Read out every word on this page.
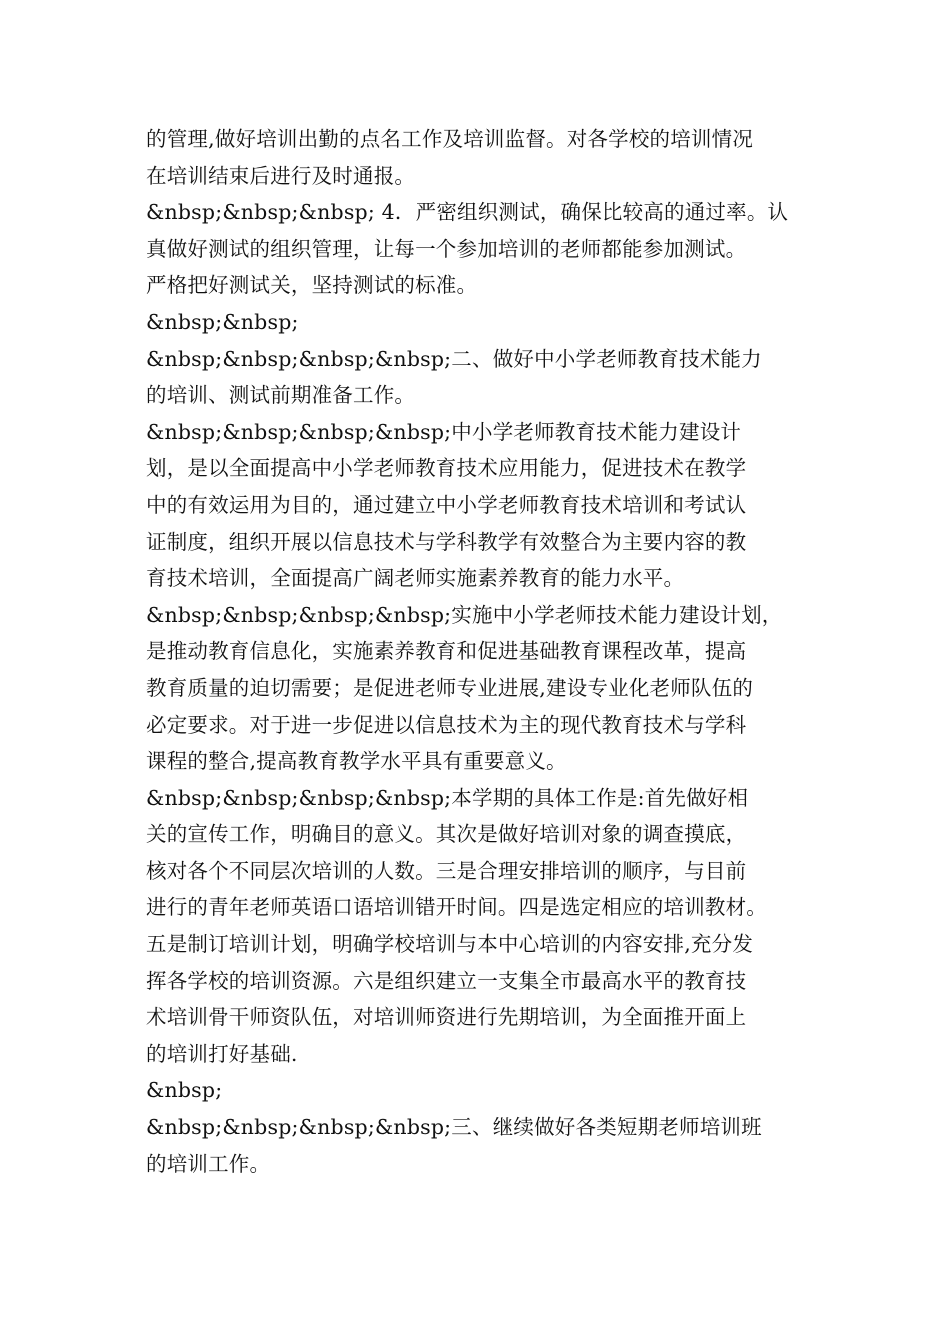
的管理,做好培训出勤的点名工作及培训监督。对各学校的培训情况
在培训结束后进行及时通报。
&nbsp;&nbsp;&nbsp; 4．严密组织测试，确保比较高的通过率。认
真做好测试的组织管理，让每一个参加培训的老师都能参加测试。
严格把好测试关，坚持测试的标准。
&nbsp;&nbsp;
&nbsp;&nbsp;&nbsp;&nbsp;二、做好中小学老师教育技术能力
的培训、测试前期准备工作。
&nbsp;&nbsp;&nbsp;&nbsp;中小学老师教育技术能力建设计
划，是以全面提高中小学老师教育技术应用能力，促进技术在教学
中的有效运用为目的，通过建立中小学老师教育技术培训和考试认
证制度，组织开展以信息技术与学科教学有效整合为主要内容的教
育技术培训，全面提高广阔老师实施素养教育的能力水平。
&nbsp;&nbsp;&nbsp;&nbsp;实施中小学老师技术能力建设计划，
是推动教育信息化，实施素养教育和促进基础教育课程改革，提高
教育质量的迫切需要；是促进老师专业进展,建设专业化老师队伍的
必定要求。对于进一步促进以信息技术为主的现代教育技术与学科
课程的整合,提高教育教学水平具有重要意义。
&nbsp;&nbsp;&nbsp;&nbsp;本学期的具体工作是:首先做好相
关的宣传工作，明确目的意义。其次是做好培训对象的调查摸底，
核对各个不同层次培训的人数。三是合理安排培训的顺序，与目前
进行的青年老师英语口语培训错开时间。四是选定相应的培训教材。
五是制订培训计划，明确学校培训与本中心培训的内容安排,充分发
挥各学校的培训资源。六是组织建立一支集全市最高水平的教育技
术培训骨干师资队伍，对培训师资进行先期培训，为全面推开面上
的培训打好基础.
&nbsp;
&nbsp;&nbsp;&nbsp;&nbsp;三、继续做好各类短期老师培训班
的培训工作。
